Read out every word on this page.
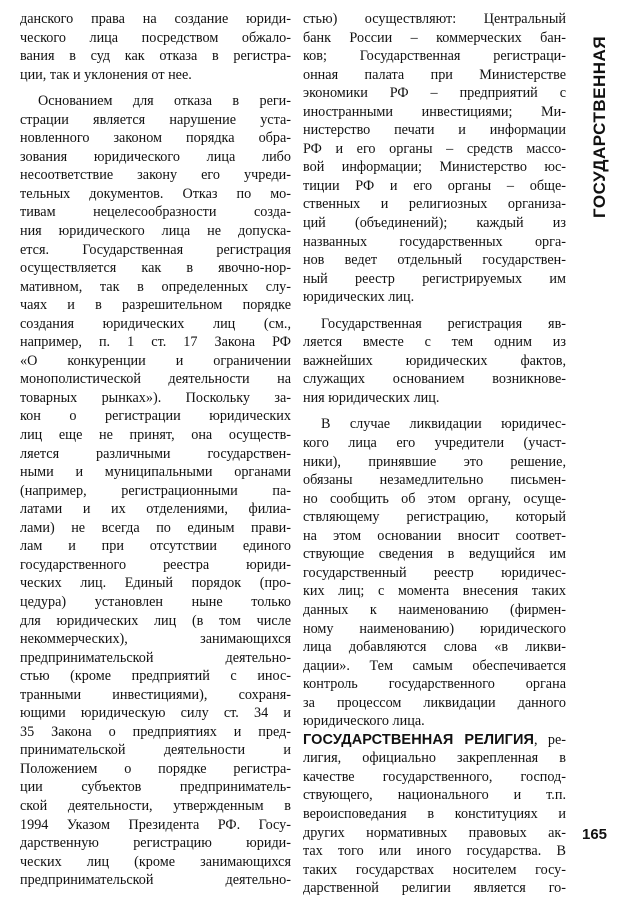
ГОСУДАРСТВЕННАЯ
данского права на создание юриди-
ческого лица посредством обжало-
вания в суд как отказа в регистра-
ции, так и уклонения от нее.
Основанием для отказа в реги-
страции является нарушение уста-
новленного законом порядка обра-
зования юридического лица либо
несоответствие закону его учреди-
тельных документов. Отказ по мо-
тивам нецелесообразности созда-
ния юридического лица не допуска-
ется. Государственная регистрация
осуществляется как в явочно-нор-
мативном, так в определенных слу-
чаях и в разрешительном порядке
создания юридических лиц (см.,
например, п. 1 ст. 17 Закона РФ
«О конкуренции и ограничении
монополистической деятельности на
товарных рынках»). Поскольку за-
кон о регистрации юридических
лиц еще не принят, она осуществ-
ляется различными государствен-
ными и муниципальными органами
(например, регистрационными па-
латами и их отделениями, филиа-
лами) не всегда по единым прави-
лам и при отсутствии единого
государственного реестра юриди-
ческих лиц. Единый порядок (про-
цедура) установлен ныне только
для юридических лиц (в том числе
некоммерческих), занимающихся
предпринимательской деятельно-
стью (кроме предприятий с инос-
транными инвестициями), сохраня-
ющими юридическую силу ст. 34 и
35 Закона о предприятиях и пред-
принимательской деятельности и
Положением о порядке регистра-
ции субъектов предприниматель-
ской деятельности, утвержденным в
1994 Указом Президента РФ. Госу-
дарственную регистрацию юриди-
ческих лиц (кроме занимающихся
предпринимательской деятельно-
стью) осуществляют: Центральный
банк России – коммерческих бан-
ков; Государственная регистраци-
онная палата при Министерстве
экономики РФ – предприятий с
иностранными инвестициями; Ми-
нистерство печати и информации
РФ и его органы – средств массо-
вой информации; Министерство юс-
тиции РФ и его органы – обще-
ственных и религиозных организа-
ций (объединений); каждый из
названных государственных орга-
нов ведет отдельный государствен-
ный реестр регистрируемых им
юридических лиц.
Государственная регистрация яв-
ляется вместе с тем одним из
важнейших юридических фактов,
служащих основанием возникнове-
ния юридических лиц.
В случае ликвидации юридичес-
кого лица его учредители (участ-
ники), принявшие это решение,
обязаны незамедлительно письмен-
но сообщить об этом органу, осуще-
ствляющему регистрацию, который
на этом основании вносит соответ-
ствующие сведения в ведущийся им
государственный реестр юридичес-
ких лиц; с момента внесения таких
данных к наименованию (фирмен-
ному наименованию) юридического
лица добавляются слова «в ликви-
дации». Тем самым обеспечивается
контроль государственного органа
за процессом ликвидации данного
юридического лица.
ГОСУДАРСТВЕННАЯ РЕЛИГИЯ, ре-
лигия, официально закрепленная в
качестве государственного, господ-
ствующего, национального и т.п.
вероисповедания в конституциях и
других нормативных правовых ак-
тах того или иного государства. В
таких государствах носителем госу-
дарственной религии является го-
165
